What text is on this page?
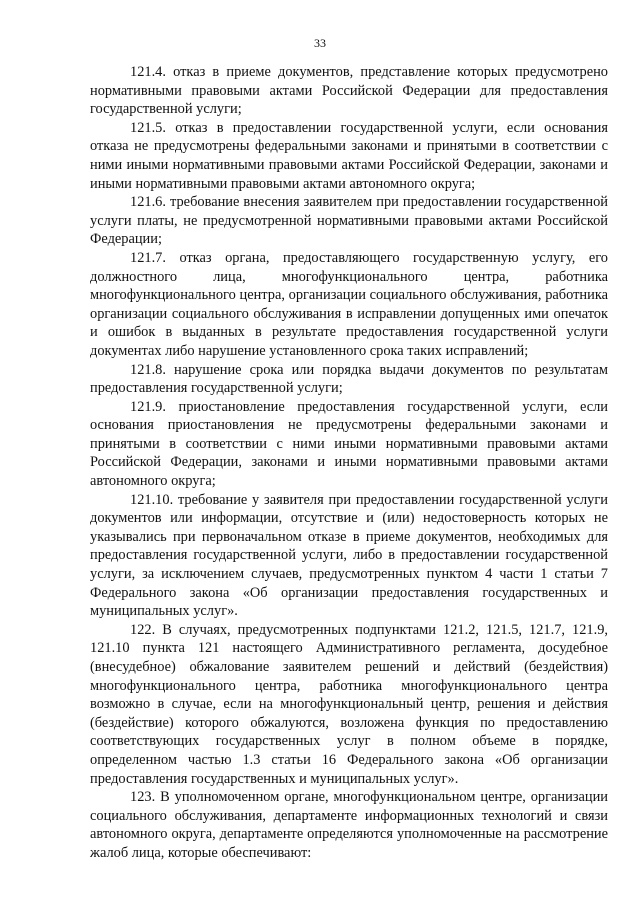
33

121.4. отказ в приеме документов, представление которых предусмотрено нормативными правовыми актами Российской Федерации для предоставления государственной услуги;

121.5. отказ в предоставлении государственной услуги, если основания отказа не предусмотрены федеральными законами и принятыми в соответствии с ними иными нормативными правовыми актами Российской Федерации, законами и иными нормативными правовыми актами автономного округа;

121.6. требование внесения заявителем при предоставлении государственной услуги платы, не предусмотренной нормативными правовыми актами Российской Федерации;

121.7. отказ органа, предоставляющего государственную услугу, его должностного лица, многофункционального центра, работника многофункционального центра, организации социального обслуживания, работника организации социального обслуживания в исправлении допущенных ими опечаток и ошибок в выданных в результате предоставления государственной услуги документах либо нарушение установленного срока таких исправлений;

121.8. нарушение срока или порядка выдачи документов по результатам предоставления государственной услуги;

121.9. приостановление предоставления государственной услуги, если основания приостановления не предусмотрены федеральными законами и принятыми в соответствии с ними иными нормативными правовыми актами Российской Федерации, законами и иными нормативными правовыми актами автономного округа;

121.10. требование у заявителя при предоставлении государственной услуги документов или информации, отсутствие и (или) недостоверность которых не указывались при первоначальном отказе в приеме документов, необходимых для предоставления государственной услуги, либо в предоставлении государственной услуги, за исключением случаев, предусмотренных пунктом 4 части 1 статьи 7 Федерального закона «Об организации предоставления государственных и муниципальных услуг».

122. В случаях, предусмотренных подпунктами 121.2, 121.5, 121.7, 121.9, 121.10 пункта 121 настоящего Административного регламента, досудебное (внесудебное) обжалование заявителем решений и действий (бездействия) многофункционального центра, работника многофункционального центра возможно в случае, если на многофункциональный центр, решения и действия (бездействие) которого обжалуются, возложена функция по предоставлению соответствующих государственных услуг в полном объеме в порядке, определенном частью 1.3 статьи 16 Федерального закона «Об организации предоставления государственных и муниципальных услуг».

123. В уполномоченном органе, многофункциональном центре, организации социального обслуживания, департаменте информационных технологий и связи автономного округа, департаменте определяются уполномоченные на рассмотрение жалоб лица, которые обеспечивают:
